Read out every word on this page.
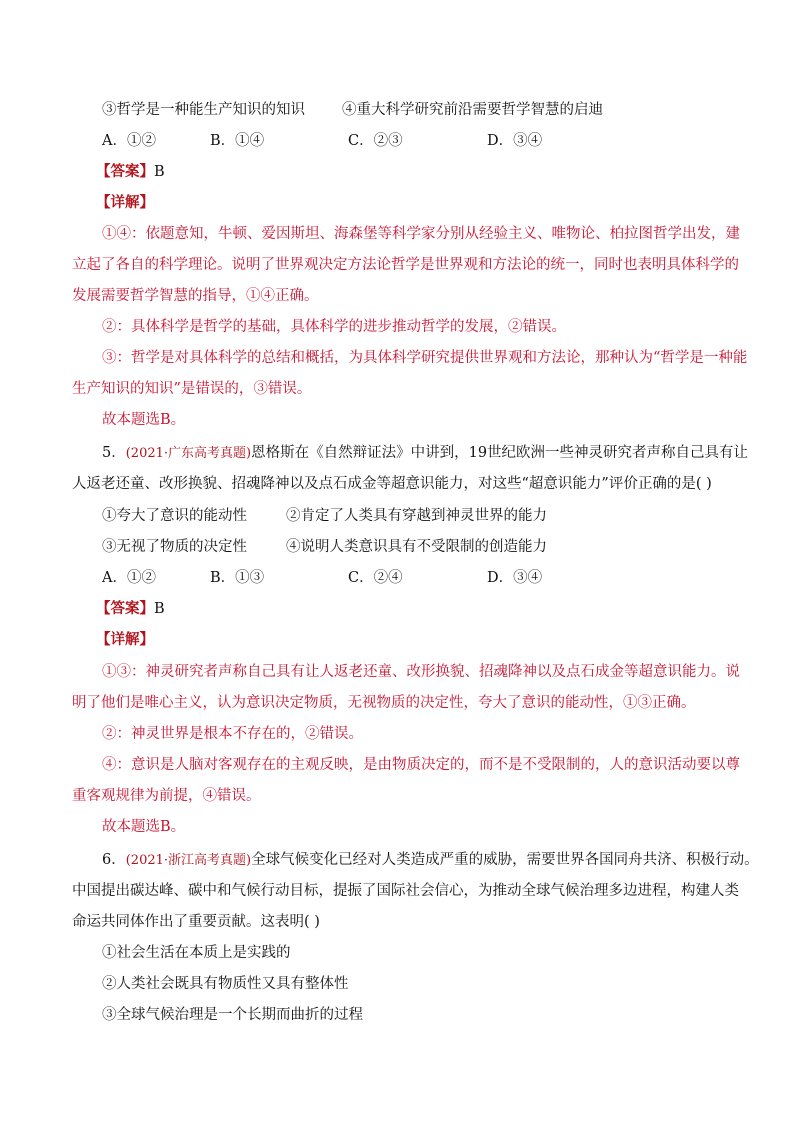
③哲学是一种能生产知识的知识	④重大科学研究前沿需要哲学智慧的启迪
A．①②	B．①④	C．②③	D．③④
【答案】B
【详解】
①④：依题意知，牛顿、爱因斯坦、海森堡等科学家分别从经验主义、唯物论、柏拉图哲学出发，建
立起了各自的科学理论。说明了世界观决定方法论哲学是世界观和方法论的统一，同时也表明具体科学的
发展需要哲学智慧的指导，①④正确。
②：具体科学是哲学的基础，具体科学的进步推动哲学的发展，②错误。
③：哲学是对具体科学的总结和概括，为具体科学研究提供世界观和方法论，那种认为“哲学是一种能
生产知识的知识”是错误的，③错误。
故本题选B。
5．(2021·广东高考真题)恩格斯在《自然辩证法》中讲到，19世纪欧洲一些神灵研究者声称自己具有让
人返老还童、改形换貌、招魂降神以及点石成金等超意识能力，对这些“超意识能力”评价正确的是( )
①夸大了意识的能动性	②肯定了人类具有穿越到神灵世界的能力
③无视了物质的决定性	④说明人类意识具有不受限制的创造能力
A．①②	B．①③	C．②④	D．③④
【答案】B
【详解】
①③：神灵研究者声称自己具有让人返老还童、改形换貌、招魂降神以及点石成金等超意识能力。说
明了他们是唯心主义，认为意识决定物质，无视物质的决定性，夸大了意识的能动性，①③正确。
②：神灵世界是根本不存在的，②错误。
④：意识是人脑对客观存在的主观反映，是由物质决定的，而不是不受限制的，人的意识活动要以尊
重客观规律为前提，④错误。
故本题选B。
6．(2021·浙江高考真题)全球气候变化已经对人类造成严重的威胁，需要世界各国同舟共济、积极行动。
中国提出碳达峰、碳中和气候行动目标，提振了国际社会信心，为推动全球气候治理多边进程，构建人类
命运共同体作出了重要贡献。这表明( )
①社会生活在本质上是实践的
②人类社会既具有物质性又具有整体性
③全球气候治理是一个长期而曲折的过程
